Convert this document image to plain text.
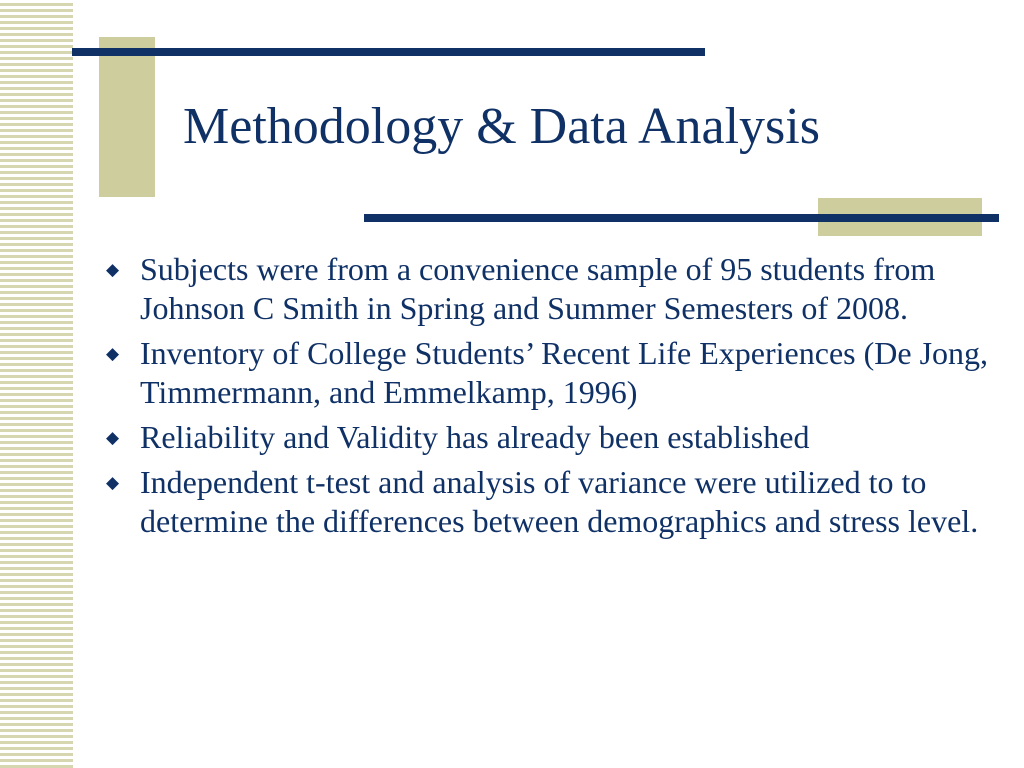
Methodology & Data Analysis
◆ Subjects were from a convenience sample of 95 students from Johnson C Smith in Spring and Summer Semesters of 2008.
◆ Inventory of College Students’ Recent Life Experiences (De Jong, Timmermann, and Emmelkamp, 1996)
◆ Reliability and Validity has already been established
◆ Independent t-test and analysis of variance were utilized to to determine the differences between demographics and stress level.
